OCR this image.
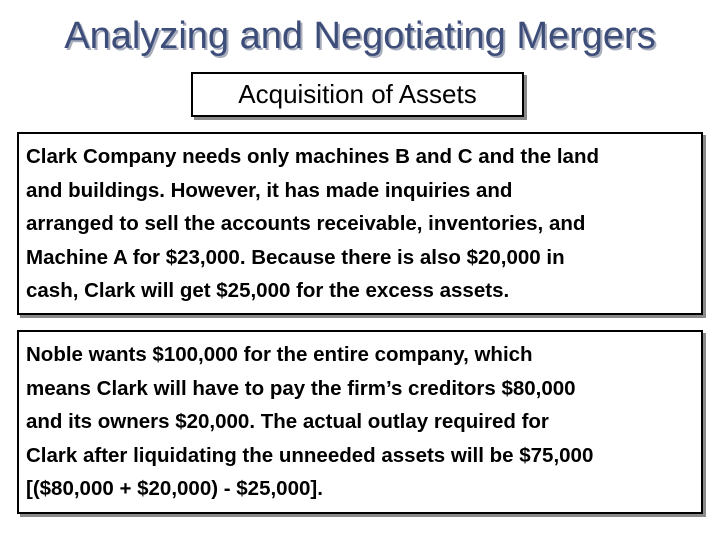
Analyzing and Negotiating Mergers
Acquisition of Assets
Clark Company needs only machines B and C and the land
and buildings. However, it has made inquiries and
arranged to sell the accounts receivable, inventories, and
Machine A for $23,000. Because there is also $20,000 in
cash, Clark will get $25,000 for the excess assets.
Noble wants $100,000 for the entire company, which
means Clark will have to pay the firm’s creditors $80,000
and its owners $20,000. The actual outlay required for
Clark after liquidating the unneeded assets will be $75,000
[($80,000 + $20,000) - $25,000].
